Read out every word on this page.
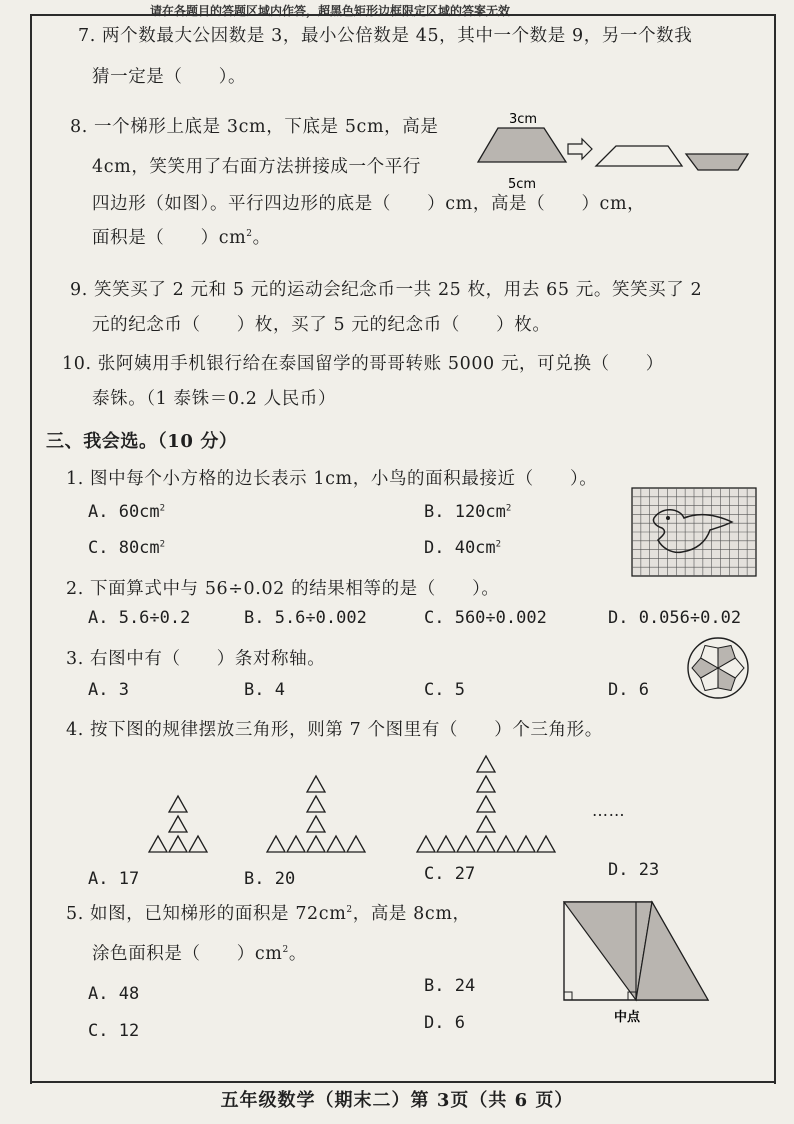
请在各题目的答题区域内作答，超黑色矩形边框限定区域的答案无效
7. 两个数最大公因数是 3，最小公倍数是 45，其中一个数是 9，另一个数我
猜一定是（　　）。
8. 一个梯形上底是 3cm，下底是 5cm，高是
4cm，笑笑用了右面方法拼接成一个平行
四边形（如图）。平行四边形的底是（　　）cm，高是（　　）cm，
面积是（　　）$cm^2$。
3cm
5cm
9. 笑笑买了 2 元和 5 元的运动会纪念币一共 25 枚，用去 65 元。笑笑买了 2
元的纪念币（　　）枚，买了 5 元的纪念币（　　）枚。
10. 张阿姨用手机银行给在泰国留学的哥哥转账 5000 元，可兑换（　　）
泰铢。（1 泰铢＝0.2 人民币）
三、我会选。（10 分）
1. 图中每个小方格的边长表示 1cm，小鸟的面积最接近（　　）。
A. $60cm^2$	B. $120cm^2$
C. $80cm^2$	D. $40cm^2$
2. 下面算式中与 56÷0.02 的结果相等的是（　　）。
A. 5.6÷0.2	B. 5.6÷0.002	C. 560÷0.002	D. 0.056÷0.02
3. 右图中有（　　）条对称轴。
A. 3	B. 4	C. 5	D. 6
4. 按下图的规律摆放三角形，则第 7 个图里有（　　）个三角形。
……
A. 17	B. 20	C. 27	D. 23
5. 如图，已知梯形的面积是 $72cm^2$，高是 8cm，
涂色面积是（　　）$cm^2$。
A. 48	B. 24
C. 12	D. 6	中点
五年级数学（期末二）第 3页（共 6 页）
